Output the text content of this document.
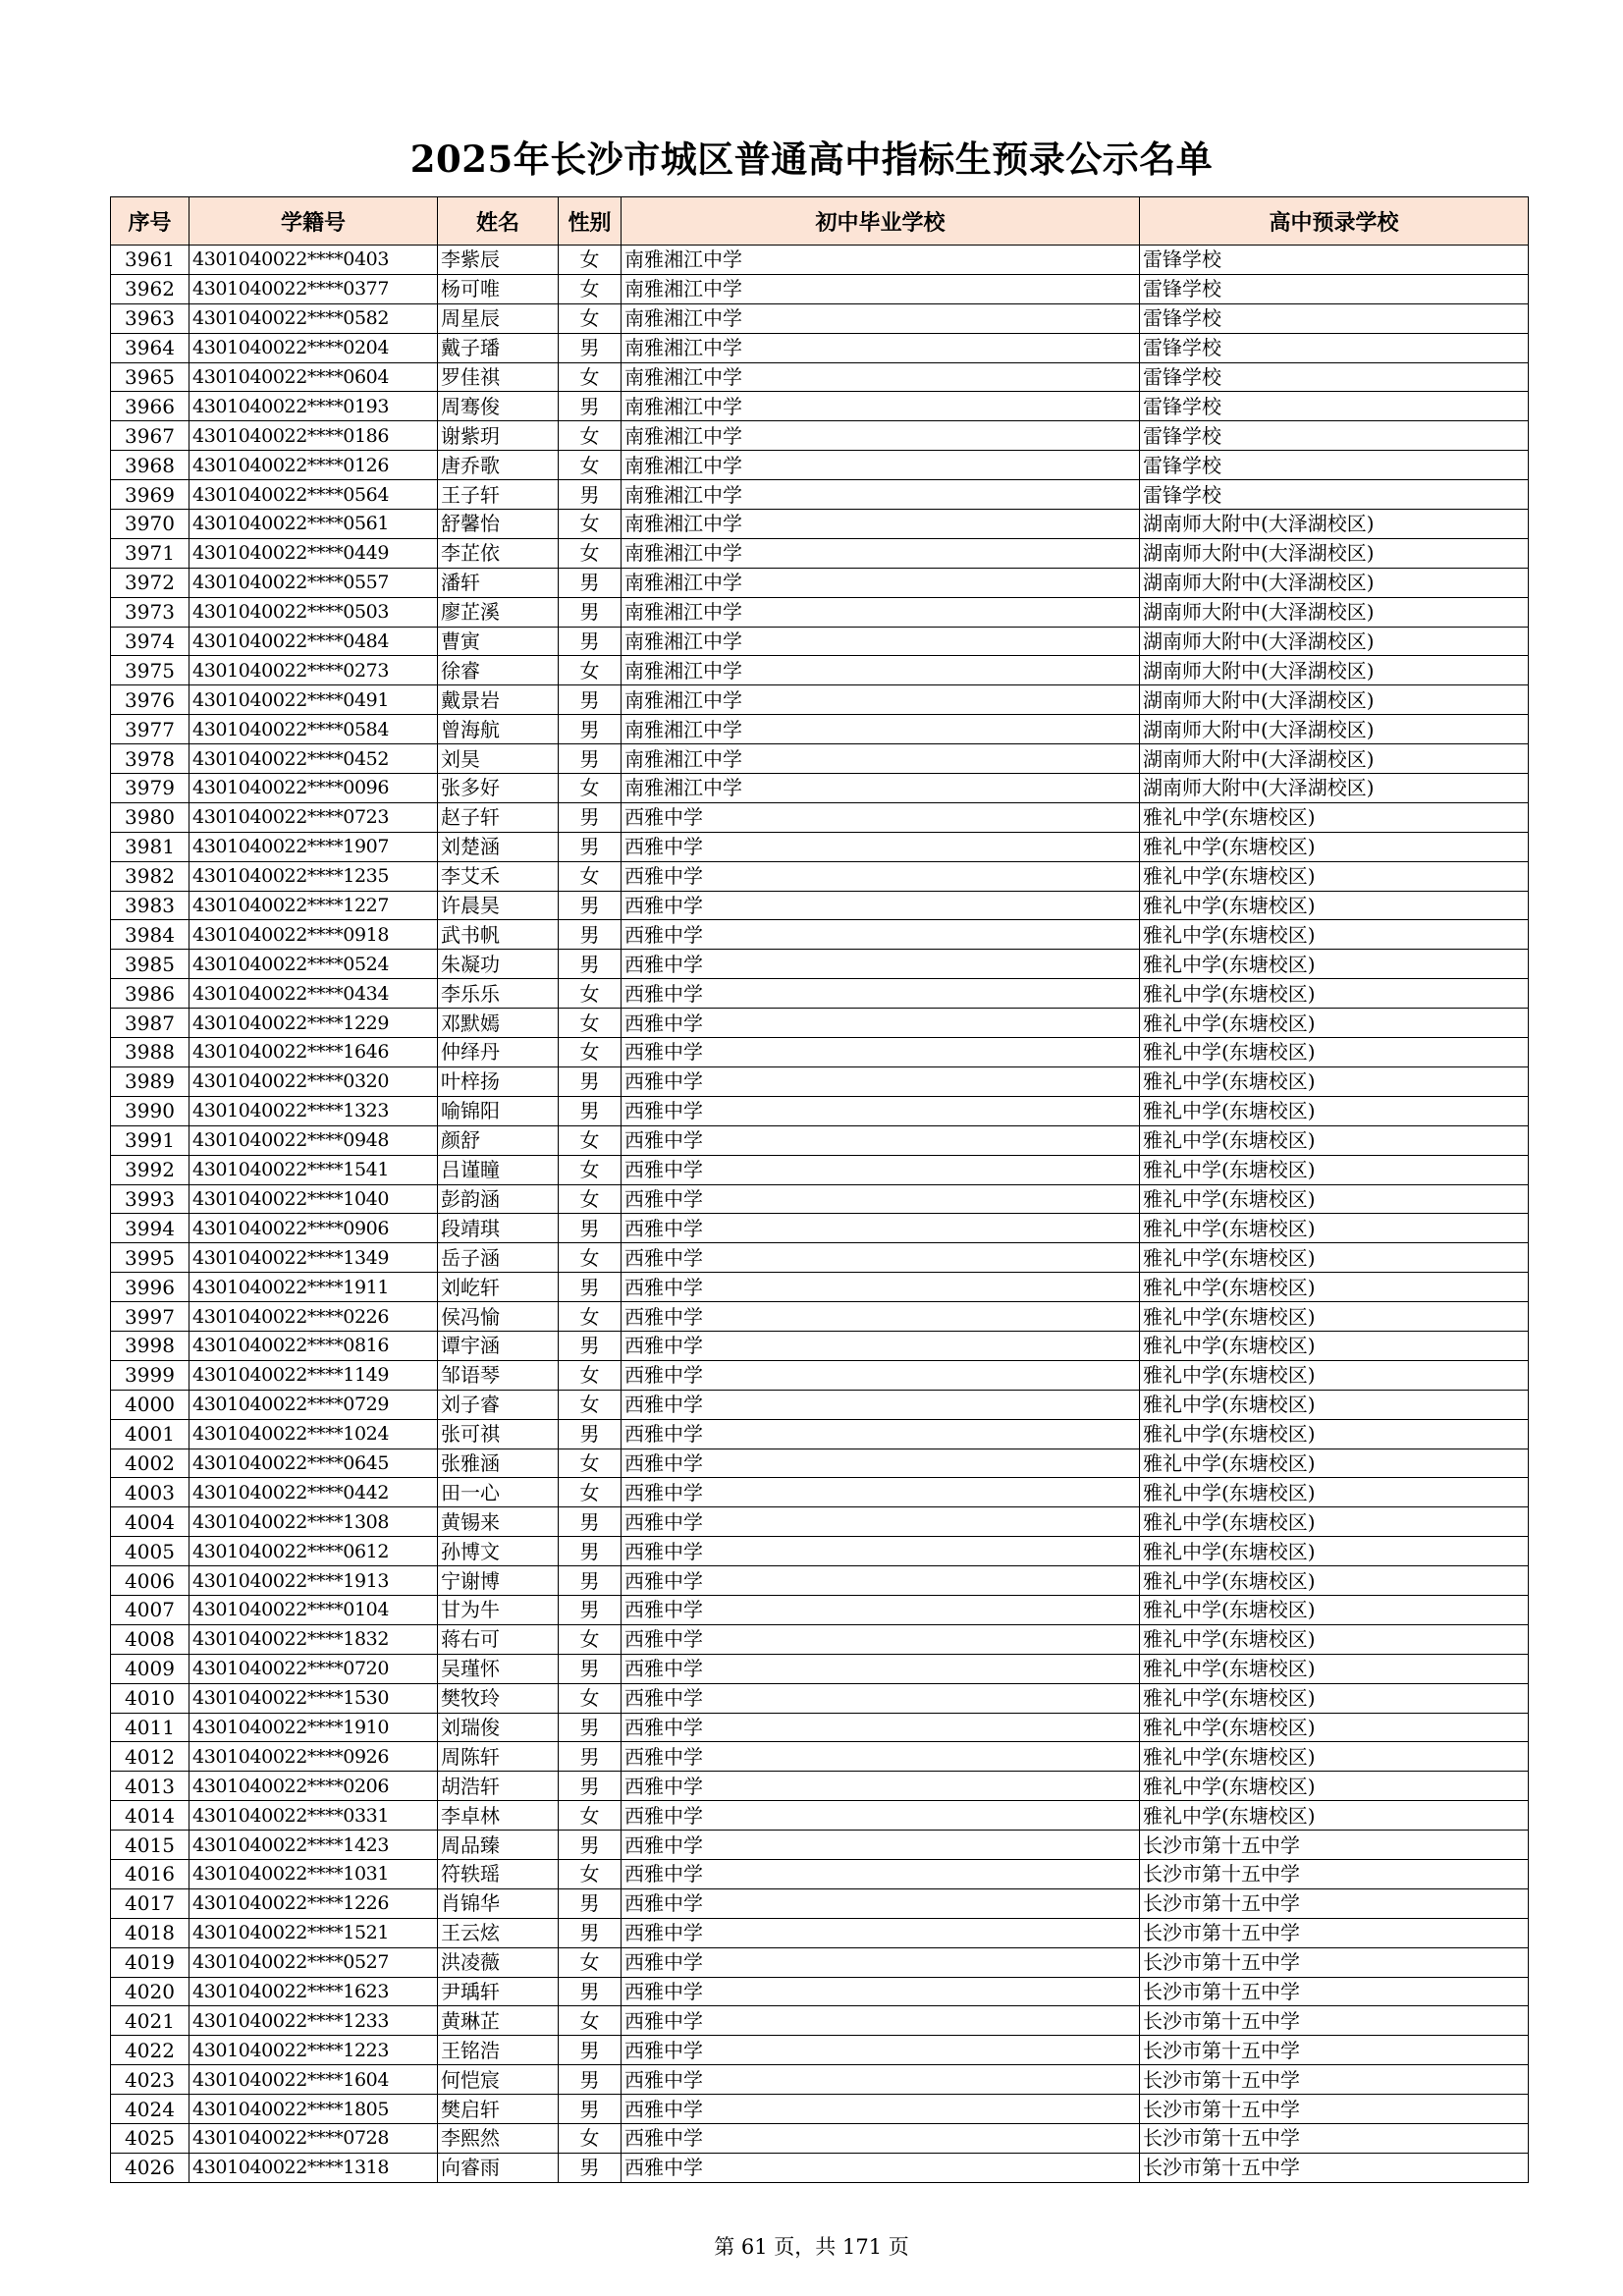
2025年长沙市城区普通高中指标生预录公示名单
序号	学籍号	姓名	性别	初中毕业学校	高中预录学校
3961	4301040022****0403	李紫辰	女	南雅湘江中学	雷锋学校
3962	4301040022****0377	杨可唯	女	南雅湘江中学	雷锋学校
3963	4301040022****0582	周星辰	女	南雅湘江中学	雷锋学校
3964	4301040022****0204	戴子璠	男	南雅湘江中学	雷锋学校
3965	4301040022****0604	罗佳祺	女	南雅湘江中学	雷锋学校
3966	4301040022****0193	周骞俊	男	南雅湘江中学	雷锋学校
3967	4301040022****0186	谢紫玥	女	南雅湘江中学	雷锋学校
3968	4301040022****0126	唐乔歌	女	南雅湘江中学	雷锋学校
3969	4301040022****0564	王子轩	男	南雅湘江中学	雷锋学校
3970	4301040022****0561	舒馨怡	女	南雅湘江中学	湖南师大附中(大泽湖校区)
3971	4301040022****0449	李芷依	女	南雅湘江中学	湖南师大附中(大泽湖校区)
3972	4301040022****0557	潘轩	男	南雅湘江中学	湖南师大附中(大泽湖校区)
3973	4301040022****0503	廖芷溪	男	南雅湘江中学	湖南师大附中(大泽湖校区)
3974	4301040022****0484	曹寅	男	南雅湘江中学	湖南师大附中(大泽湖校区)
3975	4301040022****0273	徐睿	女	南雅湘江中学	湖南师大附中(大泽湖校区)
3976	4301040022****0491	戴景岩	男	南雅湘江中学	湖南师大附中(大泽湖校区)
3977	4301040022****0584	曾海航	男	南雅湘江中学	湖南师大附中(大泽湖校区)
3978	4301040022****0452	刘昊	男	南雅湘江中学	湖南师大附中(大泽湖校区)
3979	4301040022****0096	张多好	女	南雅湘江中学	湖南师大附中(大泽湖校区)
3980	4301040022****0723	赵子轩	男	西雅中学	雅礼中学(东塘校区)
3981	4301040022****1907	刘楚涵	男	西雅中学	雅礼中学(东塘校区)
3982	4301040022****1235	李艾禾	女	西雅中学	雅礼中学(东塘校区)
3983	4301040022****1227	许晨昊	男	西雅中学	雅礼中学(东塘校区)
3984	4301040022****0918	武书帆	男	西雅中学	雅礼中学(东塘校区)
3985	4301040022****0524	朱凝功	男	西雅中学	雅礼中学(东塘校区)
3986	4301040022****0434	李乐乐	女	西雅中学	雅礼中学(东塘校区)
3987	4301040022****1229	邓默嫣	女	西雅中学	雅礼中学(东塘校区)
3988	4301040022****1646	仲绎丹	女	西雅中学	雅礼中学(东塘校区)
3989	4301040022****0320	叶梓扬	男	西雅中学	雅礼中学(东塘校区)
3990	4301040022****1323	喻锦阳	男	西雅中学	雅礼中学(东塘校区)
3991	4301040022****0948	颜舒	女	西雅中学	雅礼中学(东塘校区)
3992	4301040022****1541	吕谨瞳	女	西雅中学	雅礼中学(东塘校区)
3993	4301040022****1040	彭韵涵	女	西雅中学	雅礼中学(东塘校区)
3994	4301040022****0906	段靖琪	男	西雅中学	雅礼中学(东塘校区)
3995	4301040022****1349	岳子涵	女	西雅中学	雅礼中学(东塘校区)
3996	4301040022****1911	刘屹轩	男	西雅中学	雅礼中学(东塘校区)
3997	4301040022****0226	侯冯愉	女	西雅中学	雅礼中学(东塘校区)
3998	4301040022****0816	谭宇涵	男	西雅中学	雅礼中学(东塘校区)
3999	4301040022****1149	邹语琴	女	西雅中学	雅礼中学(东塘校区)
4000	4301040022****0729	刘子睿	女	西雅中学	雅礼中学(东塘校区)
4001	4301040022****1024	张可祺	男	西雅中学	雅礼中学(东塘校区)
4002	4301040022****0645	张雅涵	女	西雅中学	雅礼中学(东塘校区)
4003	4301040022****0442	田一心	女	西雅中学	雅礼中学(东塘校区)
4004	4301040022****1308	黄锡来	男	西雅中学	雅礼中学(东塘校区)
4005	4301040022****0612	孙博文	男	西雅中学	雅礼中学(东塘校区)
4006	4301040022****1913	宁谢博	男	西雅中学	雅礼中学(东塘校区)
4007	4301040022****0104	甘为牛	男	西雅中学	雅礼中学(东塘校区)
4008	4301040022****1832	蒋右可	女	西雅中学	雅礼中学(东塘校区)
4009	4301040022****0720	吴瑾怀	男	西雅中学	雅礼中学(东塘校区)
4010	4301040022****1530	樊牧玲	女	西雅中学	雅礼中学(东塘校区)
4011	4301040022****1910	刘瑞俊	男	西雅中学	雅礼中学(东塘校区)
4012	4301040022****0926	周陈轩	男	西雅中学	雅礼中学(东塘校区)
4013	4301040022****0206	胡浩轩	男	西雅中学	雅礼中学(东塘校区)
4014	4301040022****0331	李卓林	女	西雅中学	雅礼中学(东塘校区)
4015	4301040022****1423	周品臻	男	西雅中学	长沙市第十五中学
4016	4301040022****1031	符轶瑶	女	西雅中学	长沙市第十五中学
4017	4301040022****1226	肖锦华	男	西雅中学	长沙市第十五中学
4018	4301040022****1521	王云炫	男	西雅中学	长沙市第十五中学
4019	4301040022****0527	洪凌薇	女	西雅中学	长沙市第十五中学
4020	4301040022****1623	尹瑀轩	男	西雅中学	长沙市第十五中学
4021	4301040022****1233	黄琳芷	女	西雅中学	长沙市第十五中学
4022	4301040022****1223	王铭浩	男	西雅中学	长沙市第十五中学
4023	4301040022****1604	何恺宸	男	西雅中学	长沙市第十五中学
4024	4301040022****1805	樊启轩	男	西雅中学	长沙市第十五中学
4025	4301040022****0728	李熙然	女	西雅中学	长沙市第十五中学
4026	4301040022****1318	向睿雨	男	西雅中学	长沙市第十五中学
第 61 页，共 171 页
